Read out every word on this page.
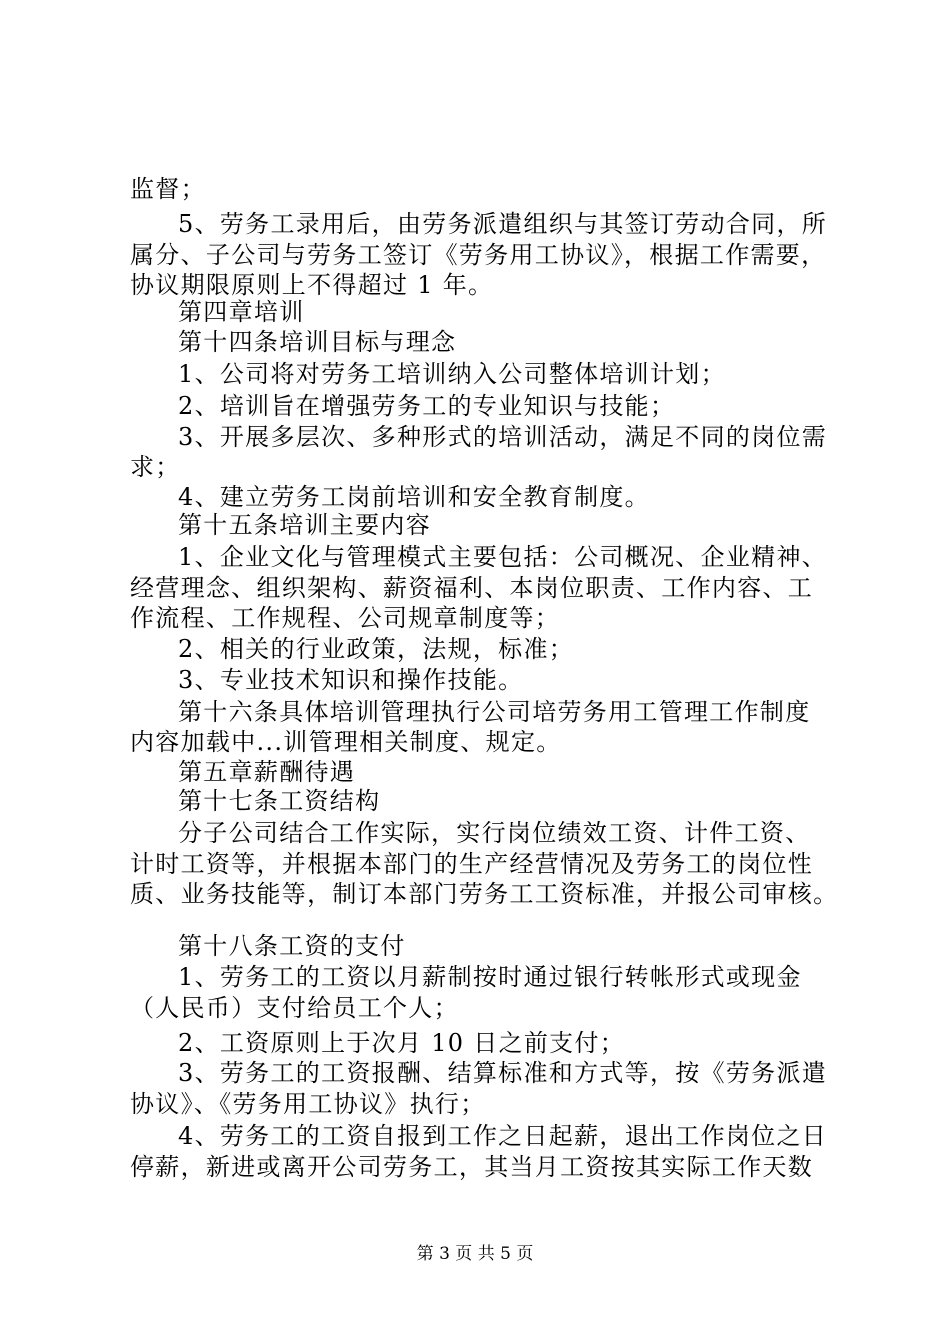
监督；
5、劳务工录用后，由劳务派遣组织与其签订劳动合同，所
属分、子公司与劳务工签订《劳务用工协议》，根据工作需要，
协议期限原则上不得超过 1 年。
第四章培训
第十四条培训目标与理念
1、公司将对劳务工培训纳入公司整体培训计划；
2、培训旨在增强劳务工的专业知识与技能；
3、开展多层次、多种形式的培训活动，满足不同的岗位需
求；
4、建立劳务工岗前培训和安全教育制度。
第十五条培训主要内容
1、企业文化与管理模式主要包括：公司概况、企业精神、
经营理念、组织架构、薪资福利、本岗位职责、工作内容、工
作流程、工作规程、公司规章制度等；
2、相关的行业政策，法规，标准；
3、专业技术知识和操作技能。
第十六条具体培训管理执行公司培劳务用工管理工作制度
内容加载中...训管理相关制度、规定。
第五章薪酬待遇
第十七条工资结构
分子公司结合工作实际，实行岗位绩效工资、计件工资、
计时工资等，并根据本部门的生产经营情况及劳务工的岗位性
质、业务技能等，制订本部门劳务工工资标准，并报公司审核。
第十八条工资的支付
1、劳务工的工资以月薪制按时通过银行转帐形式或现金
（人民币）支付给员工个人；
2、工资原则上于次月 10 日之前支付；
3、劳务工的工资报酬、结算标准和方式等，按《劳务派遣
协议》、《劳务用工协议》执行；
4、劳务工的工资自报到工作之日起薪，退出工作岗位之日
停薪，新进或离开公司劳务工，其当月工资按其实际工作天数
第 3 页 共 5 页
